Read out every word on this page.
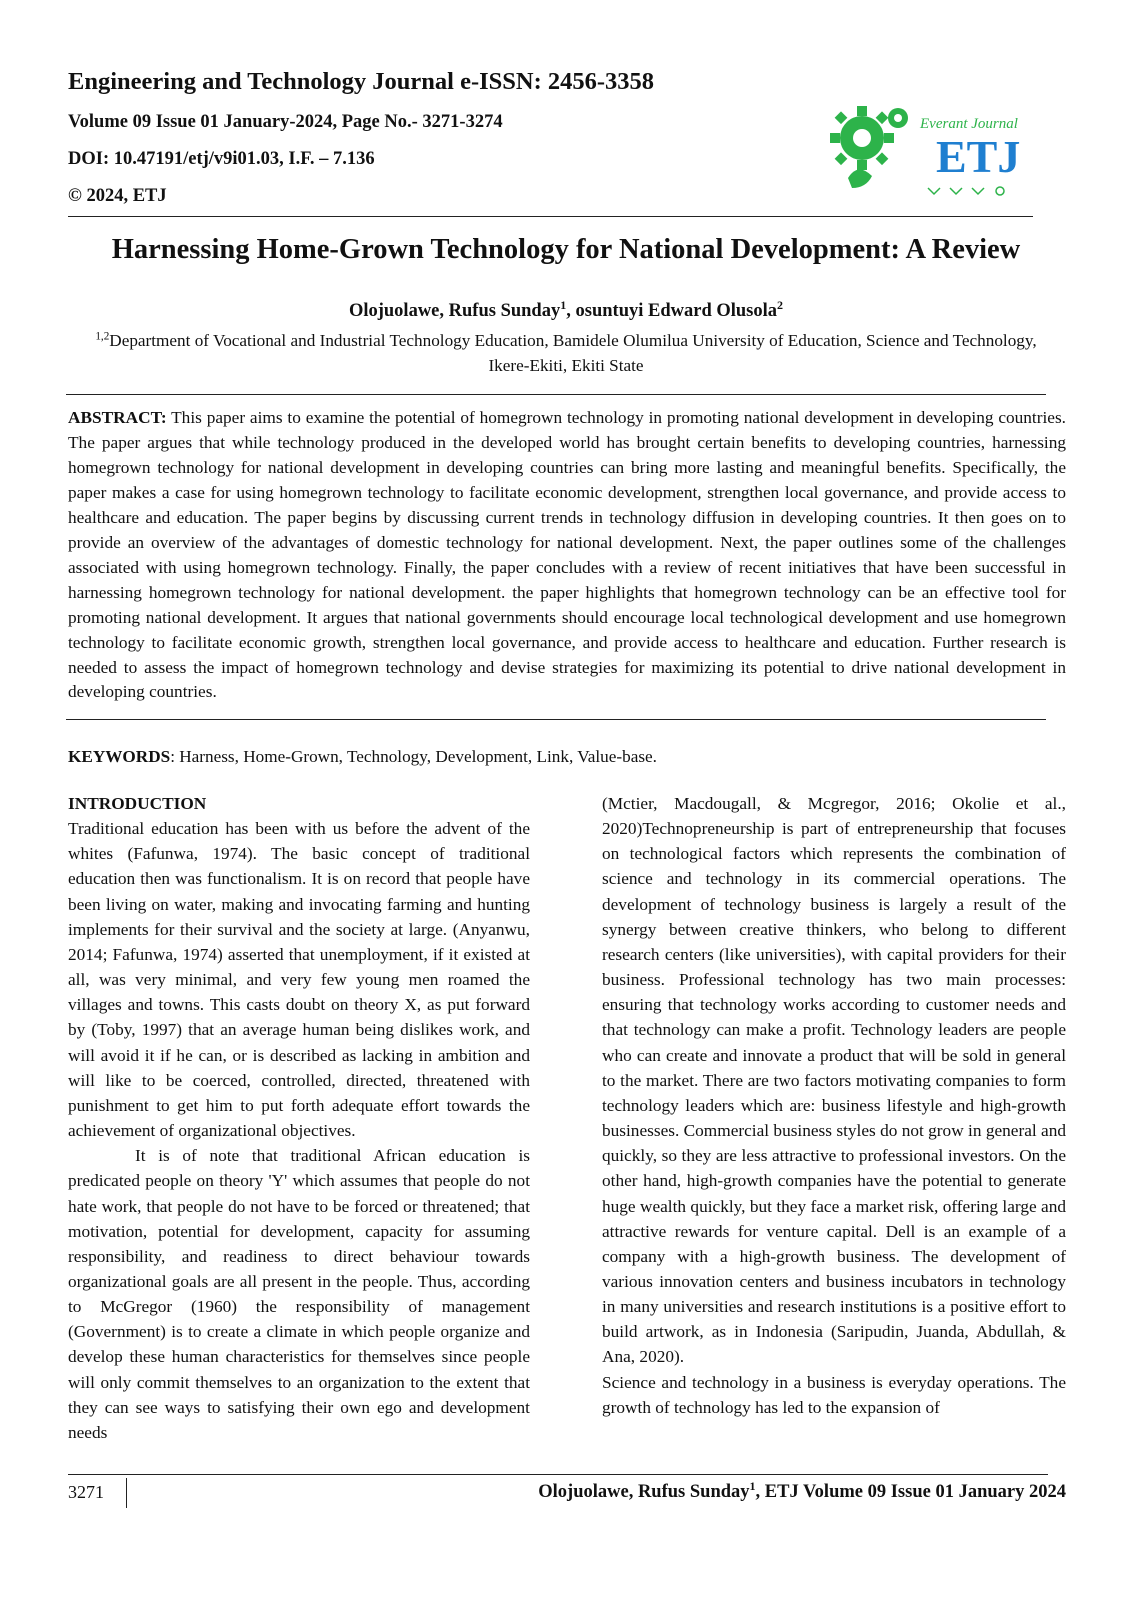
Engineering and Technology Journal e-ISSN: 2456-3358
Volume 09 Issue 01 January-2024, Page No.- 3271-3274
DOI: 10.47191/etj/v9i01.03, I.F. – 7.136
© 2024, ETJ
Everant Journal
ETJ
Harnessing Home-Grown Technology for National Development: A Review
Olojuolawe, Rufus Sunday$^1$, osuntuyi Edward Olusola$^2$
$^{1,2}$Department of Vocational and Industrial Technology Education, Bamidele Olumilua University of Education, Science and Technology, Ikere-Ekiti, Ekiti State
ABSTRACT: This paper aims to examine the potential of homegrown technology in promoting national development in developing countries. The paper argues that while technology produced in the developed world has brought certain benefits to developing countries, harnessing homegrown technology for national development in developing countries can bring more lasting and meaningful benefits. Specifically, the paper makes a case for using homegrown technology to facilitate economic development, strengthen local governance, and provide access to healthcare and education. The paper begins by discussing current trends in technology diffusion in developing countries. It then goes on to provide an overview of the advantages of domestic technology for national development. Next, the paper outlines some of the challenges associated with using homegrown technology. Finally, the paper concludes with a review of recent initiatives that have been successful in harnessing homegrown technology for national development. the paper highlights that homegrown technology can be an effective tool for promoting national development. It argues that national governments should encourage local technological development and use homegrown technology to facilitate economic growth, strengthen local governance, and provide access to healthcare and education. Further research is needed to assess the impact of homegrown technology and devise strategies for maximizing its potential to drive national development in developing countries.
KEYWORDS: Harness, Home-Grown, Technology, Development, Link, Value-base.

INTRODUCTION

Traditional education has been with us before the advent of the whites (Fafunwa, 1974). The basic concept of traditional education then was functionalism. It is on record that people have been living on water, making and invocating farming and hunting implements for their survival and the society at large. (Anyanwu, 2014; Fafunwa, 1974) asserted that unemployment, if it existed at all, was very minimal, and very few young men roamed the villages and towns. This casts doubt on theory X, as put forward by (Toby, 1997) that an average human being dislikes work, and will avoid it if he can, or is described as lacking in ambition and will like to be coerced, controlled, directed, threatened with punishment to get him to put forth adequate effort towards the achievement of organizational objectives.

It is of note that traditional African education is predicated people on theory 'Y' which assumes that people do not hate work, that people do not have to be forced or threatened; that motivation, potential for development, capacity for assuming responsibility, and readiness to direct behaviour towards organizational goals are all present in the people. Thus, according to McGregor (1960) the responsibility of management (Government) is to create a climate in which people organize and develop these human characteristics for themselves since people will only commit themselves to an organization to the extent that they can see ways to satisfying their own ego and development needs

(Mctier, Macdougall, & Mcgregor, 2016; Okolie et al., 2020)Technopreneurship is part of entrepreneurship that focuses on technological factors which represents the combination of science and technology in its commercial operations. The development of technology business is largely a result of the synergy between creative thinkers, who belong to different research centers (like universities), with capital providers for their business. Professional technology has two main processes: ensuring that technology works according to customer needs and that technology can make a profit. Technology leaders are people who can create and innovate a product that will be sold in general to the market. There are two factors motivating companies to form technology leaders which are: business lifestyle and high-growth businesses. Commercial business styles do not grow in general and quickly, so they are less attractive to professional investors. On the other hand, high-growth companies have the potential to generate huge wealth quickly, but they face a market risk, offering large and attractive rewards for venture capital. Dell is an example of a company with a high-growth business. The development of various innovation centers and business incubators in technology in many universities and research institutions is a positive effort to build artwork, as in Indonesia (Saripudin, Juanda, Abdullah, & Ana, 2020).

Science and technology in a business is everyday operations. The growth of technology has led to the expansion of

3271	Olojuolawe, Rufus Sunday$^1$, ETJ Volume 09 Issue 01 January 2024
